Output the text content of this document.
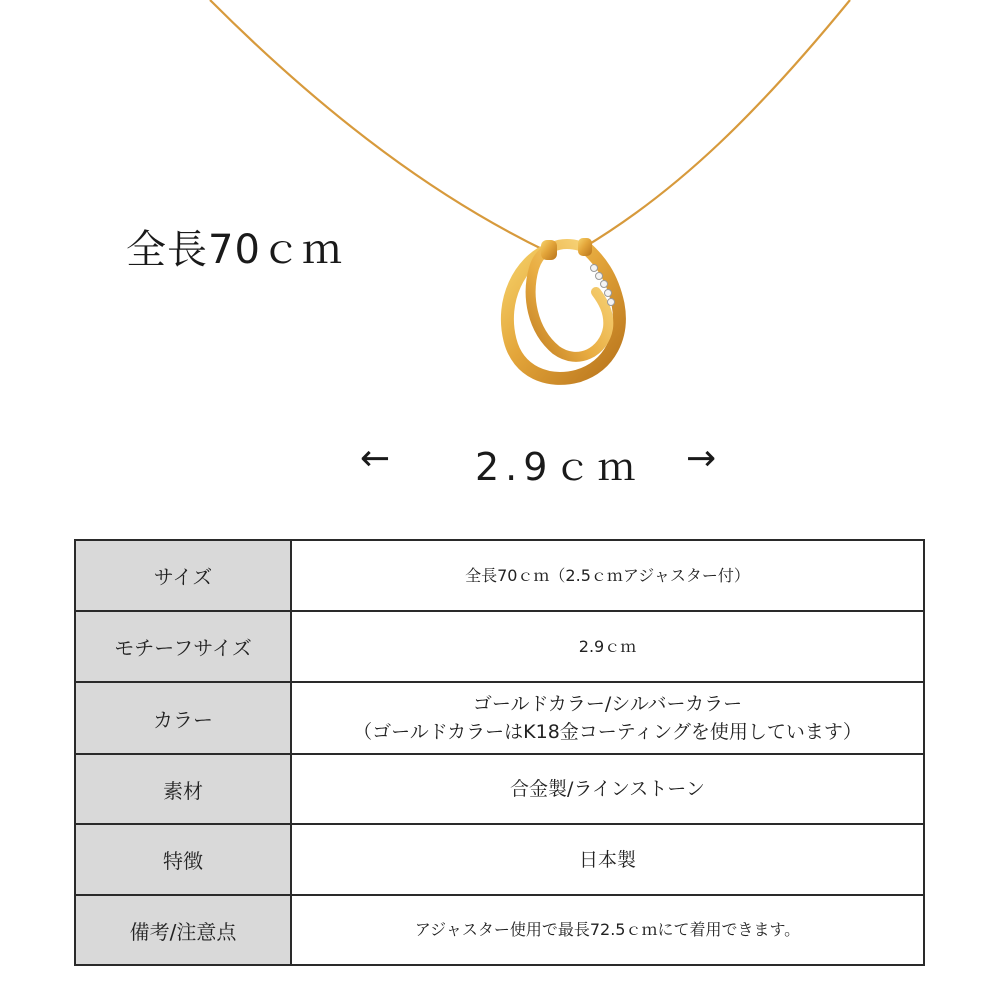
全長70ｃｍ
← 2.9ｃｍ →
サイズ	全長70ｃｍ（2.5ｃｍアジャスター付）

モチーフサイズ	2.9ｃｍ

カラー	ゴールドカラー/シルバーカラー
（ゴールドカラーはK18金コーティングを使用しています）

素材	合金製/ラインストーン

特徴	日本製

備考/注意点	アジャスター使用で最長72.5ｃｍにて着用できます。
